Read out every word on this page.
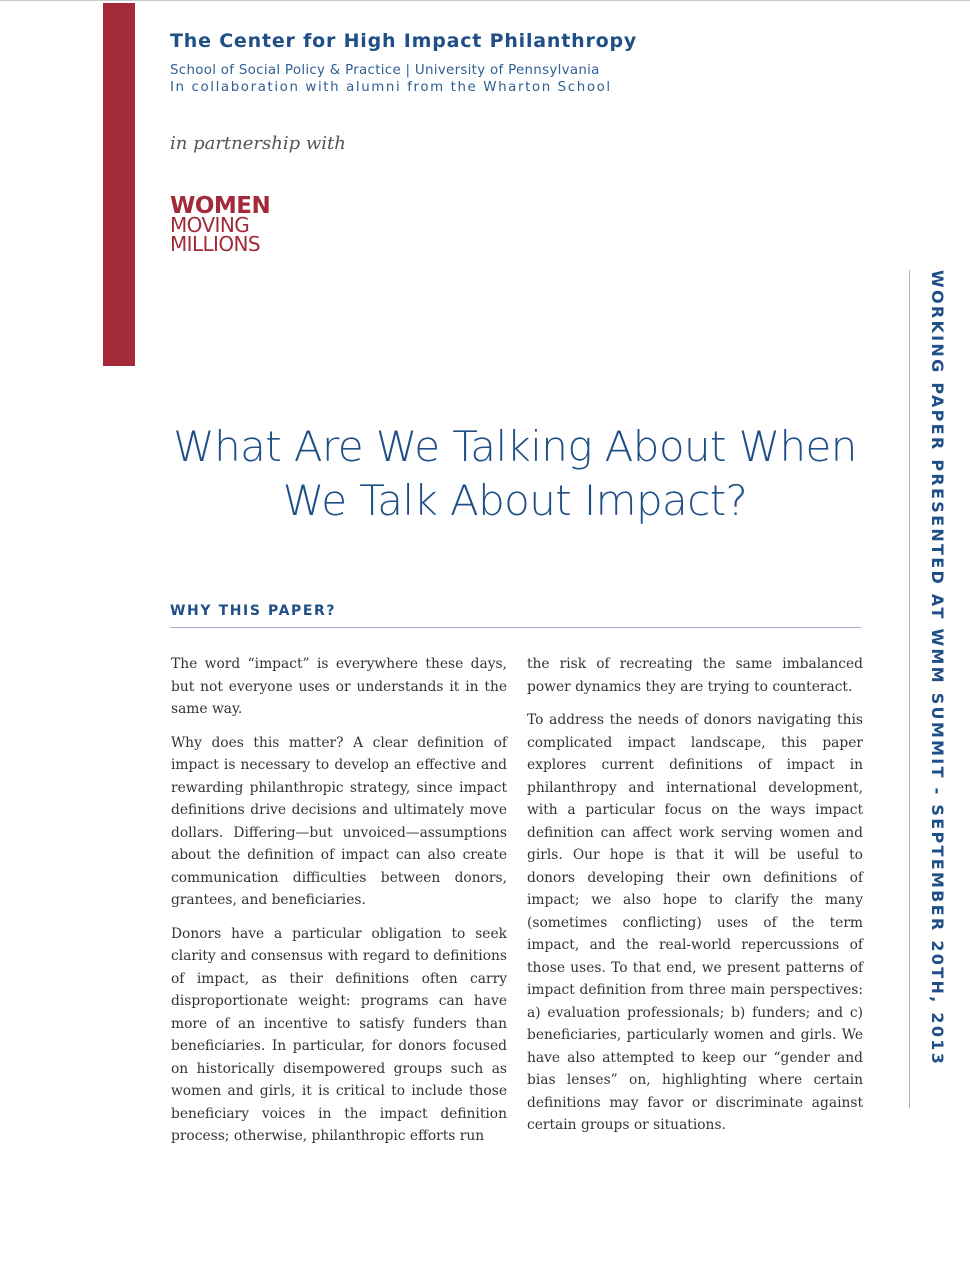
The Center for High Impact Philanthropy
School of Social Policy & Practice | University of Pennsylvania
In collaboration with alumni from the Wharton School
in partnership with
WOMEN
MOVING
MILLIONS
WORKING PAPER PRESENTED AT WMM SUMMIT - SEPTEMBER 20TH, 2013
What Are We Talking About When
We Talk About Impact?
WHY THIS PAPER?

The word “impact” is everywhere these days, but not everyone uses or understands it in the same way.

Why does this matter? A clear definition of impact is necessary to develop an effective and rewarding philanthropic strategy, since impact definitions drive decisions and ultimately move dollars. Differing—but unvoiced—assumptions about the definition of impact can also create communication difficulties between donors, grantees, and beneficiaries.

Donors have a particular obligation to seek clarity and consensus with regard to definitions of impact, as their definitions often carry disproportionate weight: programs can have more of an incentive to satisfy funders than beneficiaries. In particular, for donors focused on historically disempowered groups such as women and girls, it is critical to include those beneficiary voices in the impact definition process; otherwise, philanthropic efforts run

the risk of recreating the same imbalanced power dynamics they are trying to counteract.

To address the needs of donors navigating this complicated impact landscape, this paper explores current definitions of impact in philanthropy and international development, with a particular focus on the ways impact definition can affect work serving women and girls. Our hope is that it will be useful to donors developing their own definitions of impact; we also hope to clarify the many (sometimes conflicting) uses of the term impact, and the real-world repercussions of those uses. To that end, we present patterns of impact definition from three main perspectives: a) evaluation professionals; b) funders; and c) beneficiaries, particularly women and girls. We have also attempted to keep our “gender and bias lenses” on, highlighting where certain definitions may favor or discriminate against certain groups or situations.
